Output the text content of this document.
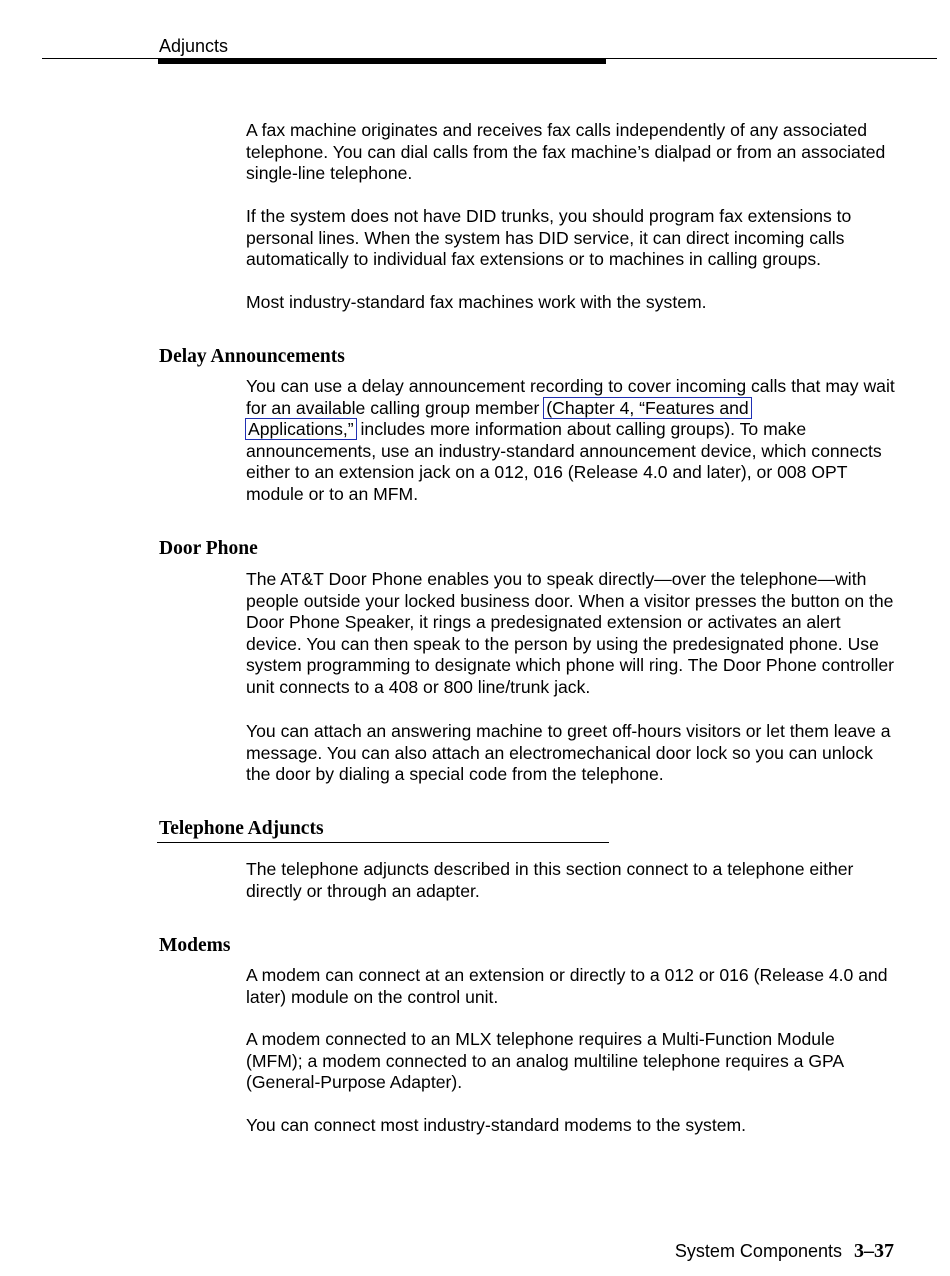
Adjuncts

A fax machine originates and receives fax calls independently of any associated telephone. You can dial calls from the fax machine’s dialpad or from an associated single-line telephone.

If the system does not have DID trunks, you should program fax extensions to personal lines. When the system has DID service, it can direct incoming calls automatically to individual fax extensions or to machines in calling groups.

Most industry-standard fax machines work with the system.

Delay Announcements

You can use a delay announcement recording to cover incoming calls that may wait for an available calling group member (Chapter 4, “Features and
Applications,” includes more information about calling groups). To make announcements, use an industry-standard announcement device, which connects either to an extension jack on a 012, 016 (Release 4.0 and later), or 008 OPT module or to an MFM.

Door Phone

The AT&T Door Phone enables you to speak directly—over the telephone—with people outside your locked business door. When a visitor presses the button on the Door Phone Speaker, it rings a predesignated extension or activates an alert device. You can then speak to the person by using the predesignated phone. Use system programming to designate which phone will ring. The Door Phone controller unit connects to a 408 or 800 line/trunk jack.

You can attach an answering machine to greet off-hours visitors or let them leave a message. You can also attach an electromechanical door lock so you can unlock the door by dialing a special code from the telephone.

Telephone Adjuncts

The telephone adjuncts described in this section connect to a telephone either directly or through an adapter.

Modems

A modem can connect at an extension or directly to a 012 or 016 (Release 4.0 and later) module on the control unit.

A modem connected to an MLX telephone requires a Multi-Function Module (MFM); a modem connected to an analog multiline telephone requires a GPA (General-Purpose Adapter).

You can connect most industry-standard modems to the system.

System Components 3–37
